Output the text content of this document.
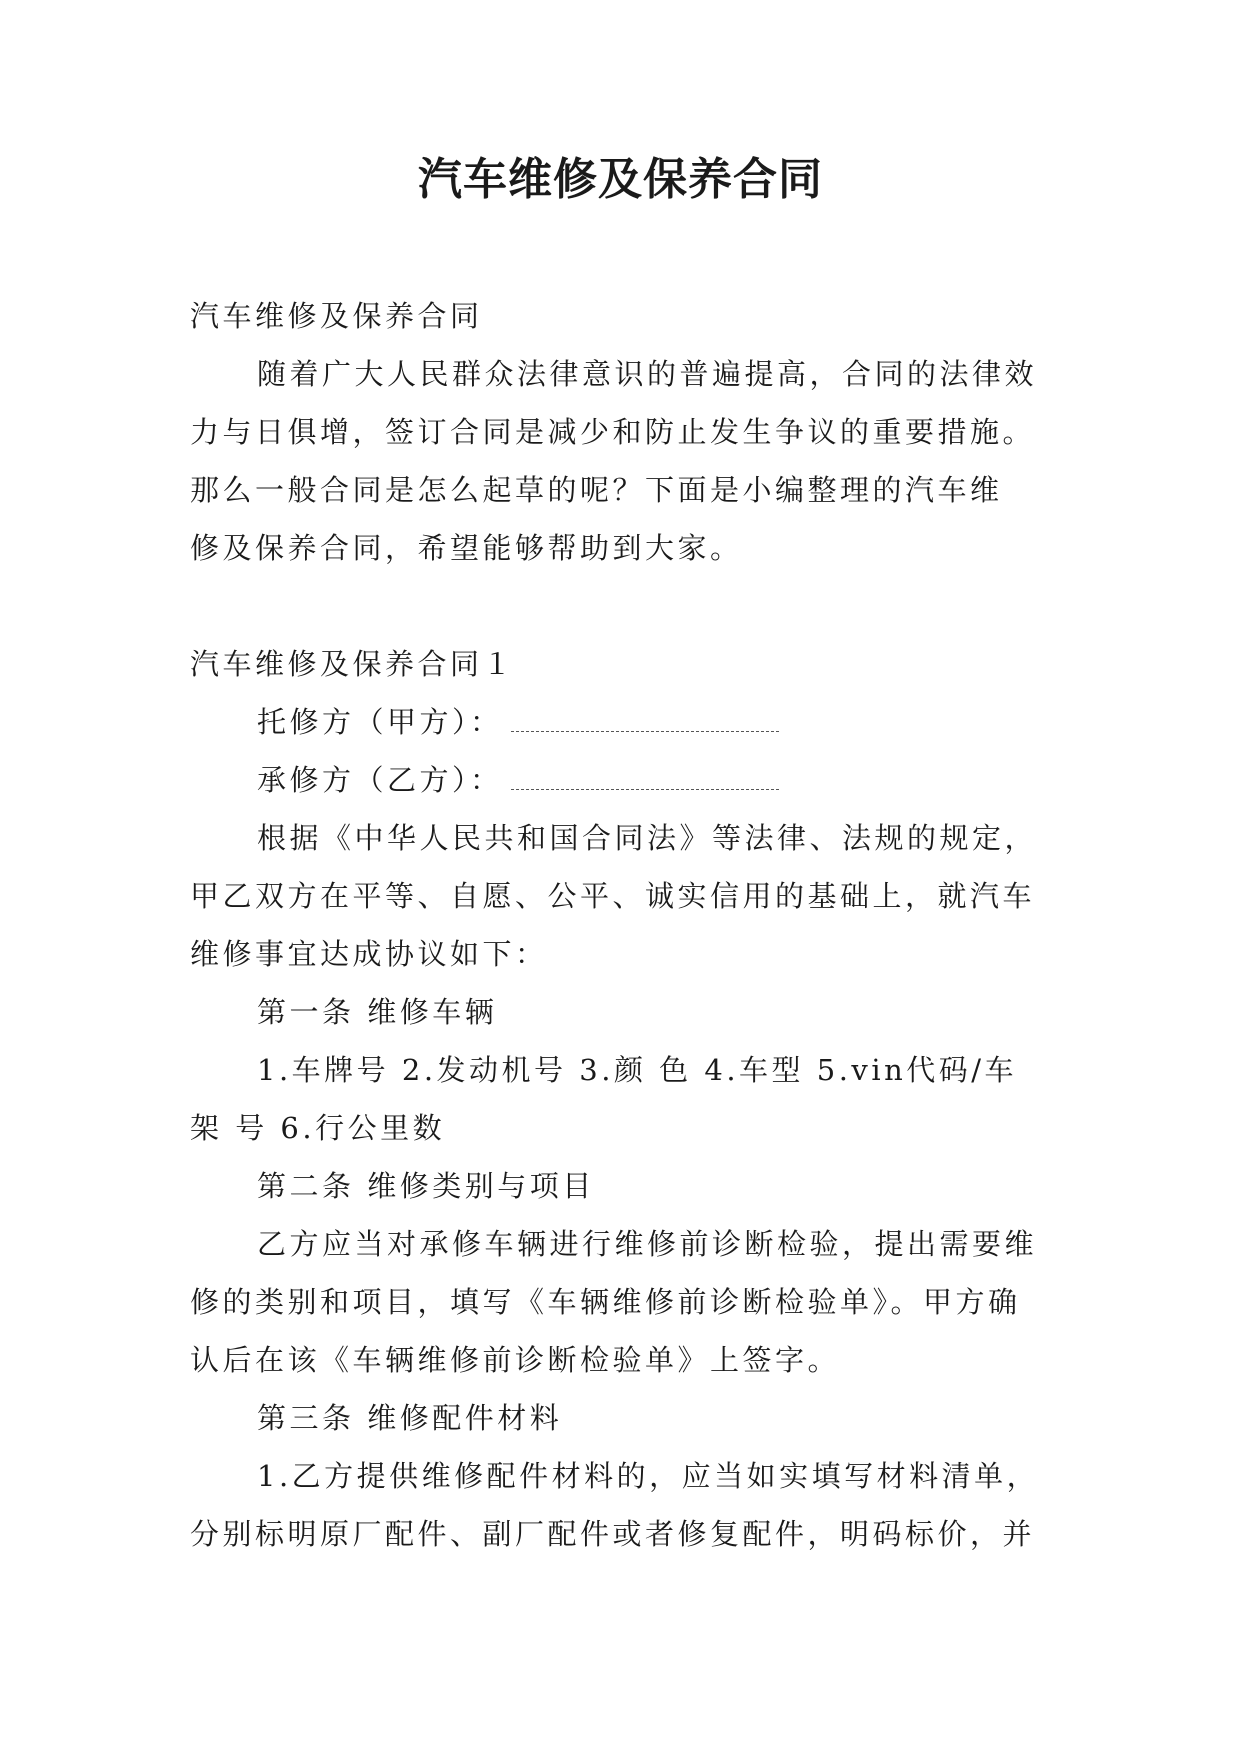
汽车维修及保养合同

汽车维修及保养合同

随着广大人民群众法律意识的普遍提高，合同的法律效

力与日俱增，签订合同是减少和防止发生争议的重要措施。

那么一般合同是怎么起草的呢？下面是小编整理的汽车维

修及保养合同，希望能够帮助到大家。

汽车维修及保养合同１

托修方（甲方）：

承修方（乙方）：

根据《中华人民共和国合同法》等法律、法规的规定，

甲乙双方在平等、自愿、公平、诚实信用的基础上，就汽车

维修事宜达成协议如下：

第一条 维修车辆

1.车牌号 2.发动机号 3.颜 色 4.车型 5.vin代码/车

架 号 6.行公里数

第二条 维修类别与项目

乙方应当对承修车辆进行维修前诊断检验，提出需要维

修的类别和项目，填写《车辆维修前诊断检验单》。甲方确

认后在该《车辆维修前诊断检验单》上签字。

第三条 维修配件材料

1.乙方提供维修配件材料的，应当如实填写材料清单，

分别标明原厂配件、副厂配件或者修复配件，明码标价，并
